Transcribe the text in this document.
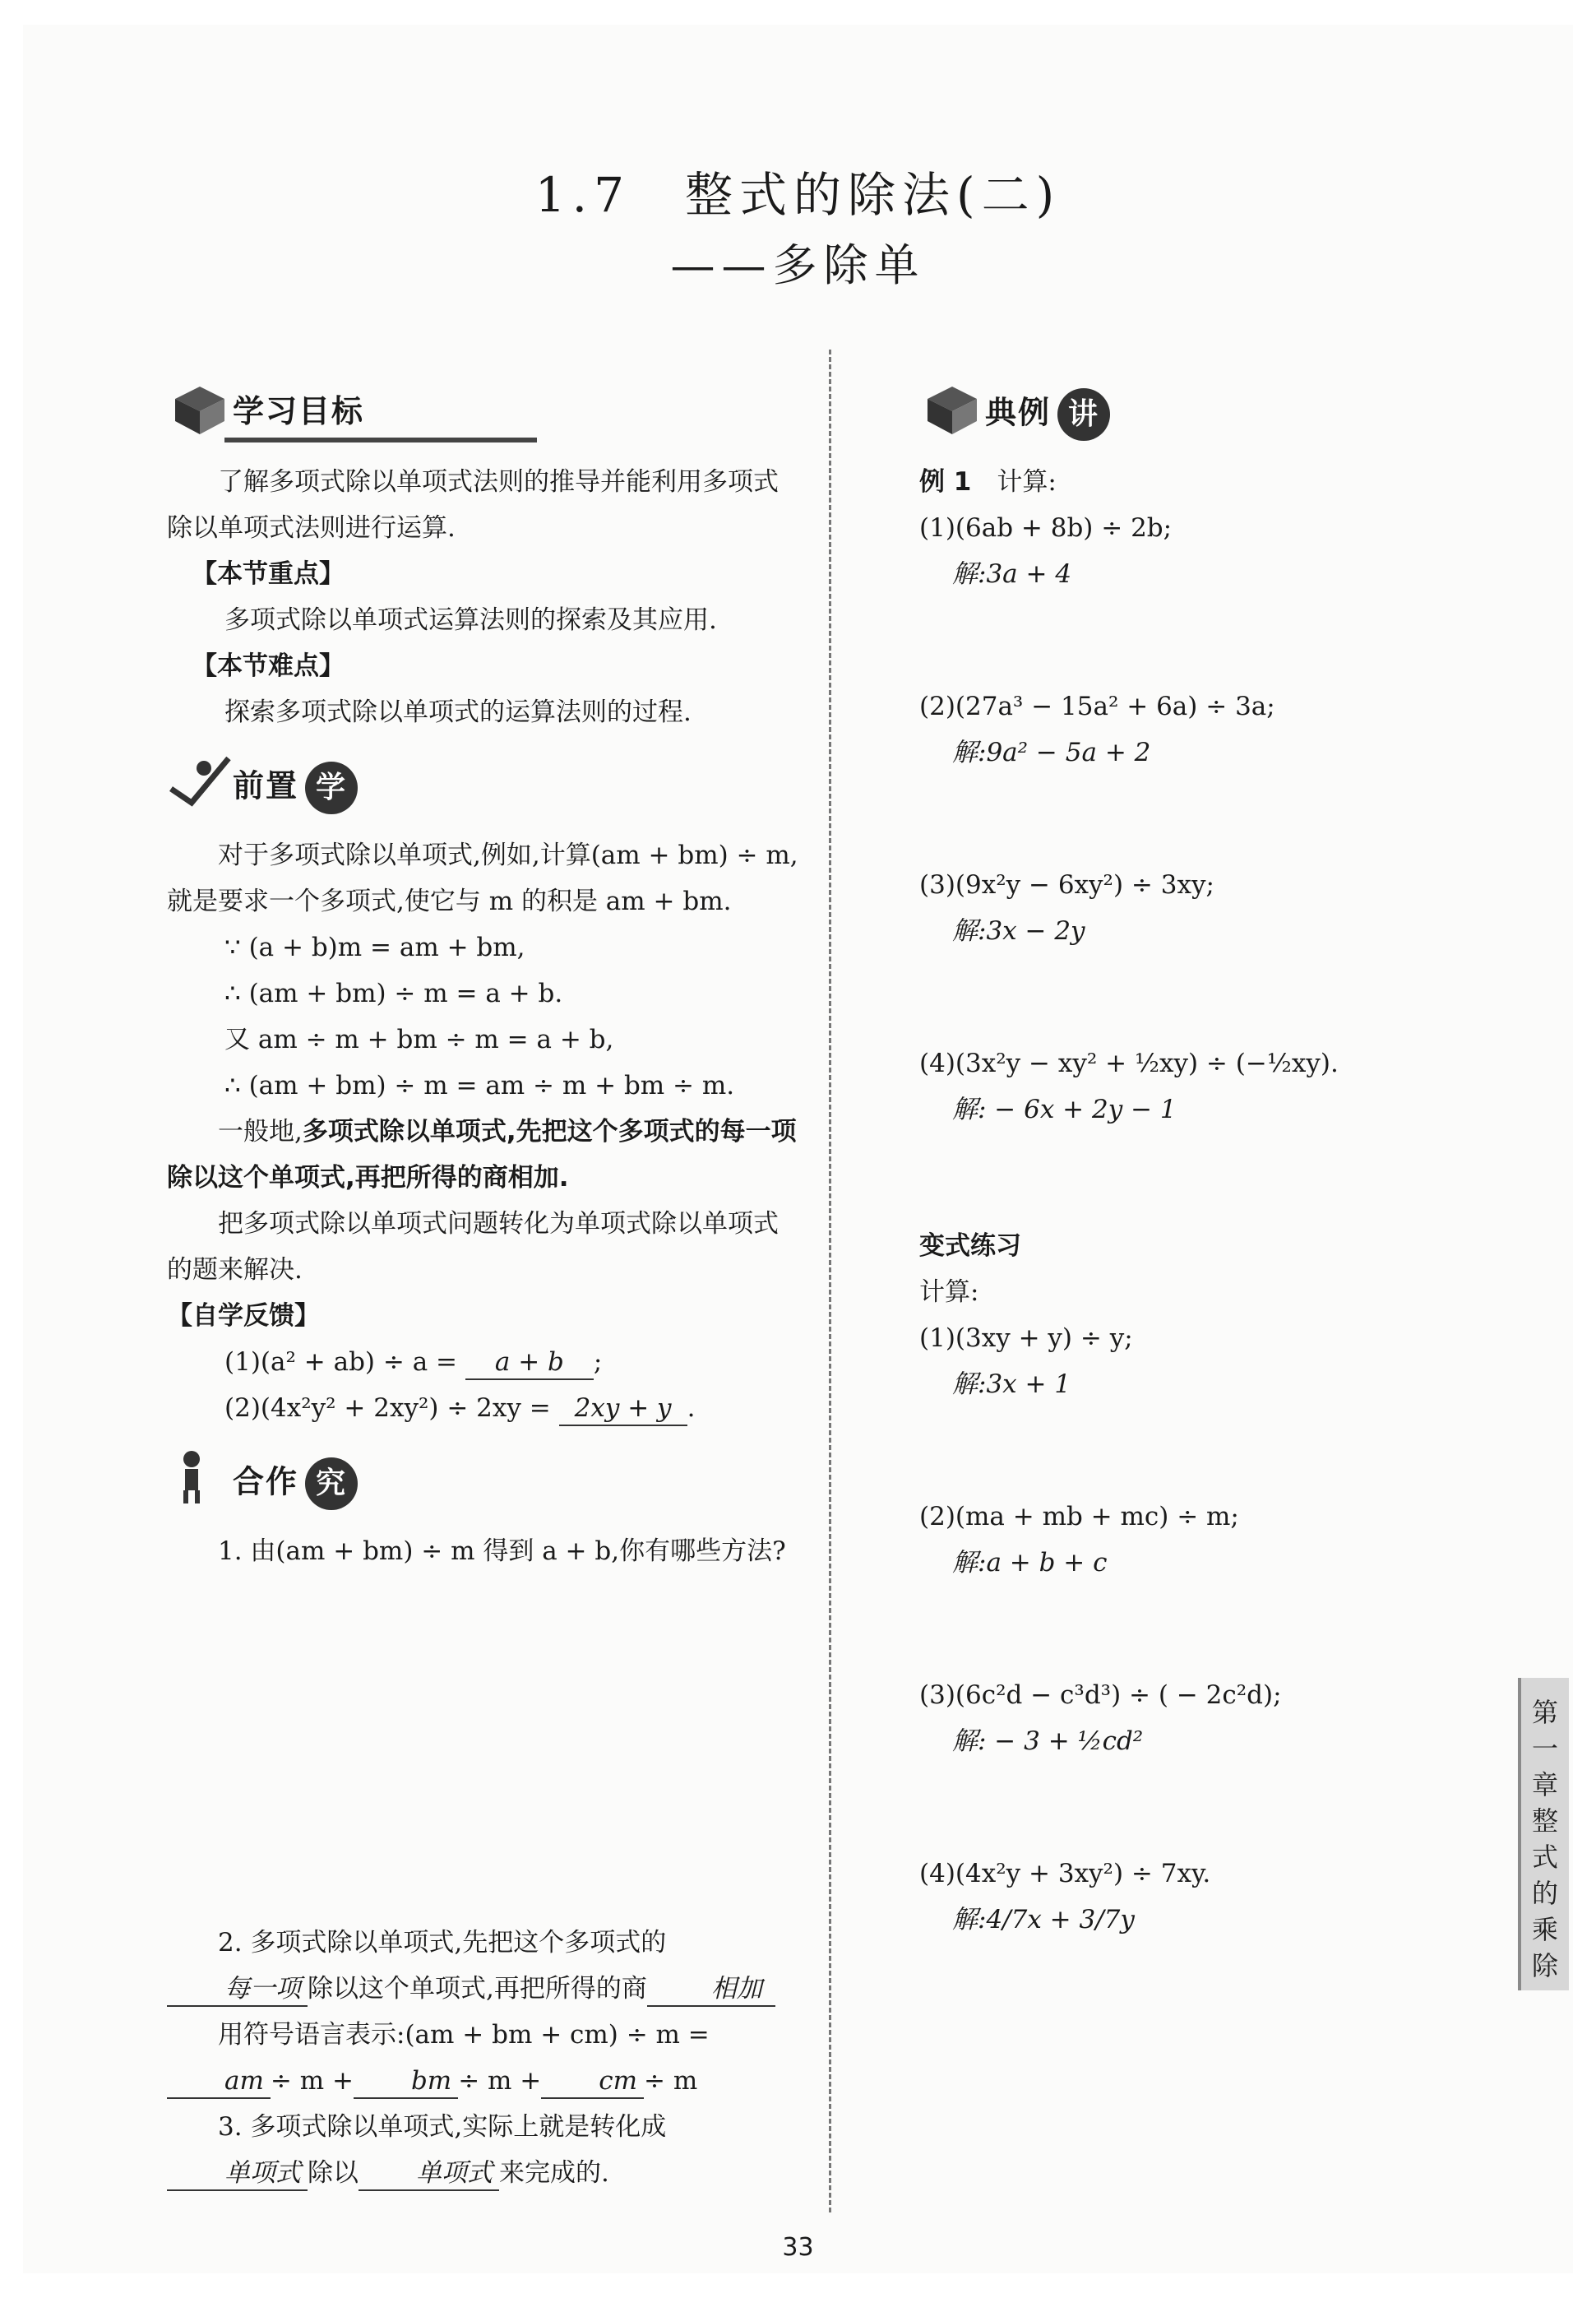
1.7　整式的除法(二)
——多除单
学习目标

了解多项式除以单项式法则的推导并能利用多项式除以单项式法则进行运算.

【本节重点】

多项式除以单项式运算法则的探索及其应用.

【本节难点】

探索多项式除以单项式的运算法则的过程.

前置 学

对于多项式除以单项式,例如,计算(am + bm) ÷ m,就是要求一个多项式,使它与 m 的积是 am + bm.

∵ (a + b)m = am + bm,

∴ (am + bm) ÷ m = a + b.

又 am ÷ m + bm ÷ m = a + b,

∴ (am + bm) ÷ m = am ÷ m + bm ÷ m.

一般地,多项式除以单项式,先把这个多项式的每一项除以这个单项式,再把所得的商相加.

把多项式除以单项式问题转化为单项式除以单项式的题来解决.

【自学反馈】

(1)(a² + ab) ÷ a = a + b ;

(2)(4x²y² + 2xy²) ÷ 2xy = 2xy + y .

合作 究

1. 由(am + bm) ÷ m 得到 a + b,你有哪些方法?

2. 多项式除以单项式,先把这个多项式的每一项 除以这个单项式,再把所得的商	相加

用符号语言表示:(am + bm + cm) ÷ m =am ÷ m + bm ÷ m + cm ÷ m

3. 多项式除以单项式,实际上就是转化成单项式 除以 单项式 来完成的.

典例 讲

例 1　 计算:

(1)(6ab + 8b) ÷ 2b;

解:3a + 4

(2)(27a³ − 15a² + 6a) ÷ 3a;

解:9a² − 5a + 2

(3)(9x²y − 6xy²) ÷ 3xy;

解:3x − 2y

(4)(3x²y − xy² + ½xy) ÷ (−½xy).

解: − 6x + 2y − 1

变式练习

计算:

(1)(3xy + y) ÷ y;

解:3x + 1

(2)(ma + mb + mc) ÷ m;

解:a + b + c

(3)(6c²d − c³d³) ÷ ( − 2c²d);

解: − 3 + ½cd²

(4)(4x²y + 3xy²) ÷ 7xy.

解:4/7x + 3/7y

33
第一章 整式的乘除
